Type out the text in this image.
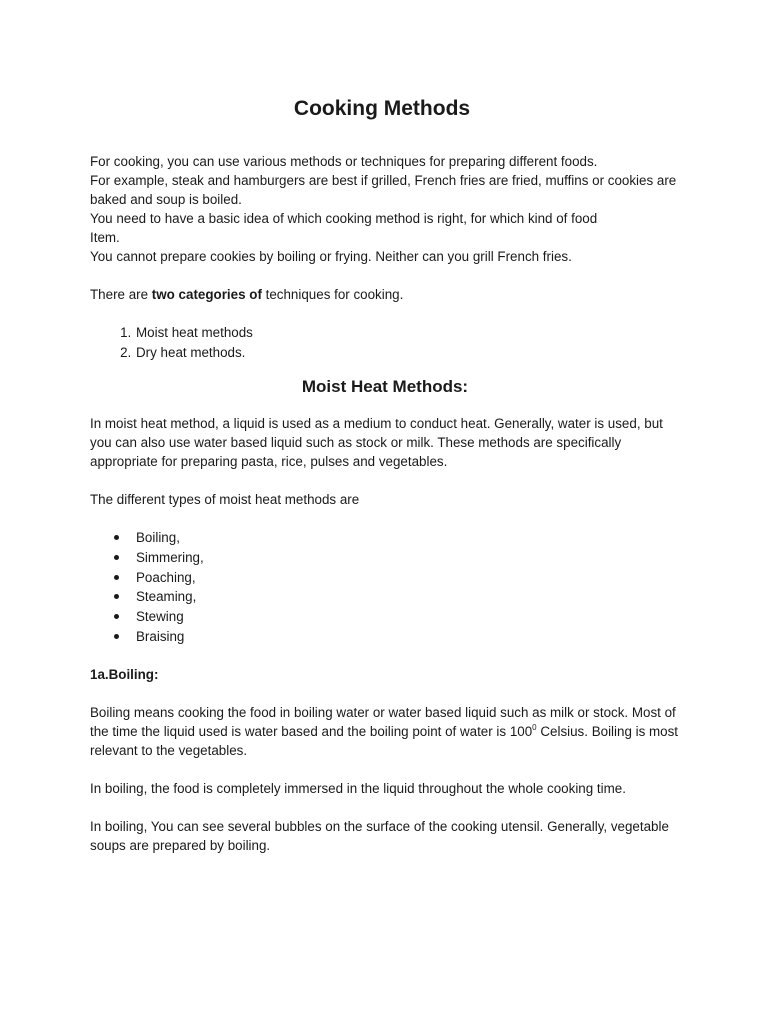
Cooking Methods

For cooking, you can use various methods or techniques for preparing different foods.

For example, steak and hamburgers are best if grilled, French fries are fried, muffins or cookies are baked and soup is boiled.

You need to have a basic idea of which cooking method is right, for which kind of food

Item.

You cannot prepare cookies by boiling or frying. Neither can you grill French fries.

There are two categories of techniques for cooking.

1. Moist heat methods
2. Dry heat methods.
Moist Heat Methods:

In moist heat method, a liquid is used as a medium to conduct heat. Generally, water is used, but you can also use water based liquid such as stock or milk. These methods are specifically appropriate for preparing pasta, rice, pulses and vegetables.

The different types of moist heat methods are

Boiling,
Simmering,
Poaching,
Steaming,
Stewing
Braising

1a.Boiling:

Boiling means cooking the food in boiling water or water based liquid such as milk or stock. Most of the time the liquid used is water based and the boiling point of water is $100^0$ Celsius. Boiling is most relevant to the vegetables.

In boiling, the food is completely immersed in the liquid throughout the whole cooking time.

In boiling, You can see several bubbles on the surface of the cooking utensil. Generally, vegetable soups are prepared by boiling.
